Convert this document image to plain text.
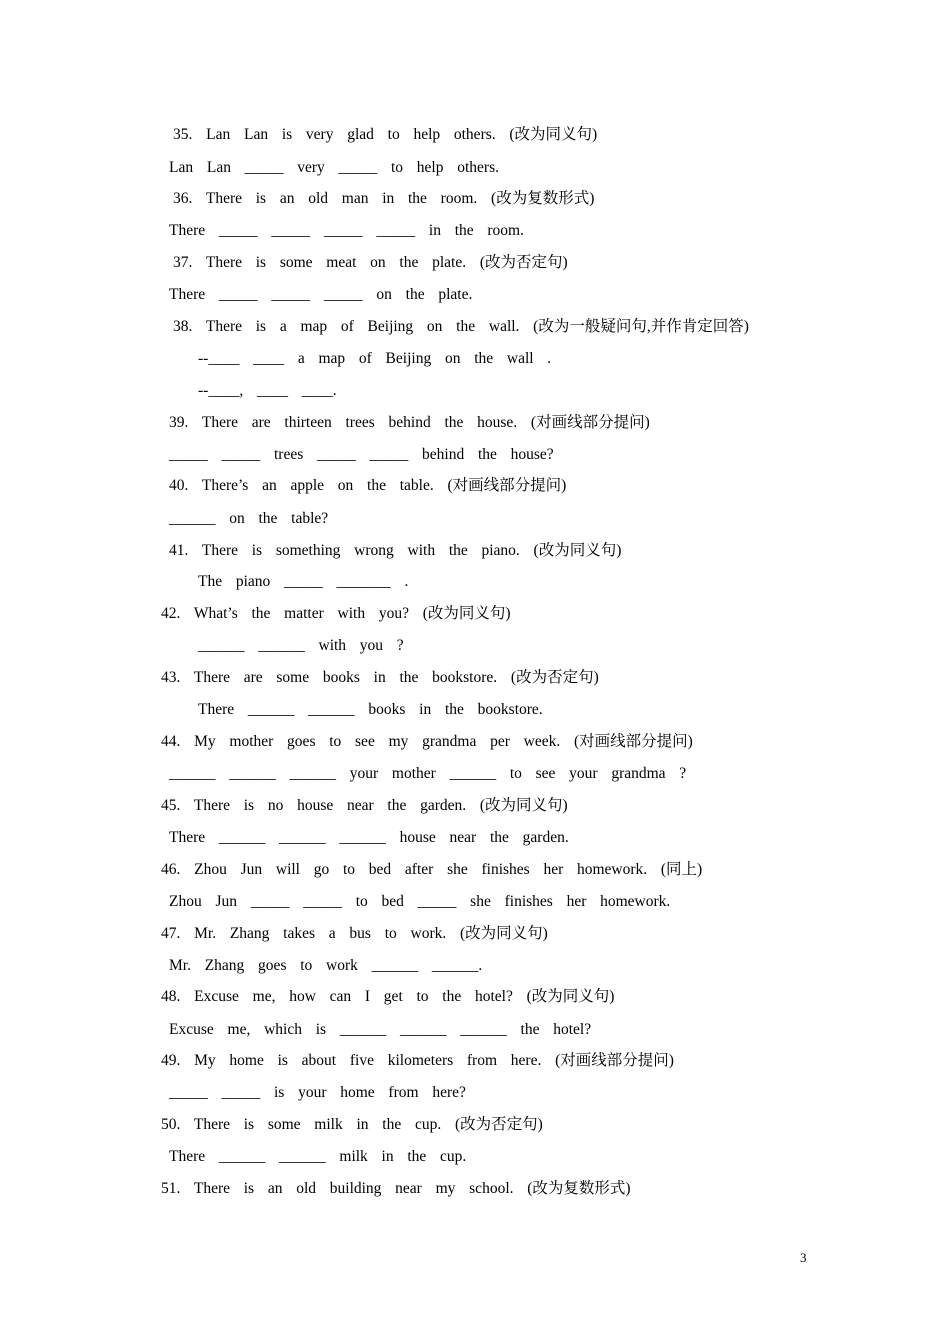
35.  Lan  Lan  is  very  glad  to  help  others.  (改为同义句)
Lan  Lan  _____  very  _____  to  help  others.
36.  There  is  an  old  man  in  the  room.  (改为复数形式)
There  _____  _____  _____  _____  in  the  room.
37.  There  is  some  meat  on  the  plate.  (改为否定句)
There  _____  _____  _____  on  the  plate.
38.  There  is  a  map  of  Beijing  on  the  wall.  (改为一般疑问句,并作肯定回答)
--____  ____  a  map  of  Beijing  on  the  wall  .
--____,  ____  ____.
39.  There  are  thirteen  trees  behind  the  house.  (对画线部分提问)
_____  _____  trees  _____  _____  behind  the  house?
40.  There’s  an  apple  on  the  table.  (对画线部分提问)
______  on  the  table?
41.  There  is  something  wrong  with  the  piano.  (改为同义句)
The  piano  _____  _______  .
42.  What’s  the  matter  with  you?  (改为同义句)
______  ______  with  you  ?
43.  There  are  some  books  in  the  bookstore.  (改为否定句)
There  ______  ______  books  in  the  bookstore.
44.  My  mother  goes  to  see  my  grandma  per  week.  (对画线部分提问)
______  ______  ______  your  mother  ______  to  see  your  grandma  ?
45.  There  is  no  house  near  the  garden.  (改为同义句)
There  ______  ______  ______  house  near  the  garden.
46.  Zhou  Jun  will  go  to  bed  after  she  finishes  her  homework.  (同上)
Zhou  Jun  _____  _____  to  bed  _____  she  finishes  her  homework.
47.  Mr.  Zhang  takes  a  bus  to  work.  (改为同义句)
Mr.  Zhang  goes  to  work  ______  ______.
48.  Excuse  me,  how  can  I  get  to  the  hotel?  (改为同义句)
Excuse  me,  which  is  ______  ______  ______  the  hotel?
49.  My  home  is  about  five  kilometers  from  here.  (对画线部分提问)
_____  _____  is  your  home  from  here?
50.  There  is  some  milk  in  the  cup.  (改为否定句)
There  ______  ______  milk  in  the  cup.
51.  There  is  an  old  building  near  my  school.  (改为复数形式)
3
